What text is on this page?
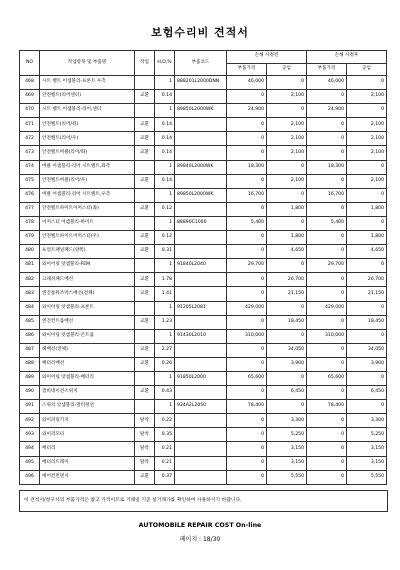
보험수리비 견적서
NO	작업항목 및 부품명	작업	H,O,%	부품코드	손해 사정전		손해 사정후	
					부품가격	공임	부품가격	공임
468	시트 벨트 어셈블리-프론트 우측		1	888201L2000DNN	46,000	0	46,000	0
469	안전벨트(리어센터)	교환	0.14		0	2,100	0	2,100
470	시트 벨트 어셈블리-리어,센터		1	89850L2000WK	24,900	0	24,900	0
471	안전벨트(리어/좌)	교환	0.14		0	2,100	0	2,100
472	안전벨트(리어/우)	교환	0.14		0	2,100	0	2,100
473	안전벨트버클(리어/좌)	교환	0.14		0	2,100	0	2,100
474	버클 어셈블리-리어 시트벨트,좌측		1	89840L2000WK	18,300	0	18,300	0
475	안전벨트버클(리어/우)	교환	0.14		0	2,100	0	2,100
476	버클 어셈블리-리어 시트벨트,우측		1	89850L2000WK	16,700	0	16,700	0
477	안전벨트하이트어저스터(좌)	교환	0.12		0	1,800	0	1,800
478	어저스터 어셈블리-하이트		1	88890C1000	5,400	0	5,400	0
479	안전벨트하이트어저스터(우)	교환	0.12		0	1,800	0	1,800
480	프런트패널패드(양쪽)	교환	0.31		0	4,650	0	4,650
481	와이어링 앗셈블리-FEM		1	91840L2040	29,700	0	29,700	0
482	크래쉬패드배선	교환	1.78		0	26,700	0	26,700
483	엔진룸퓨즈박스배선(전체)	교환	1.41		0	21,150	0	21,150
484	와이어링 앗셈블리-프론트		1	91205L2081	429,000	0	429,000	0
485	엔진컨트롤배선	교환	1.23		0	18,450	0	18,450
486	와이어링 앗셈블리-콘트롤		1	91430L2010	310,000	0	310,000	0
487	헤배선(전체)	교환	2.27		0	34,050	0	34,050
488	배터리배선	교환	0.26		0	3,900	0	3,900
489	와이어링 앗셈블리-배터리		1	91850L2000	65,600	0	65,600	0
490	컴비네이션스위치	교환	0.43		0	6,450	0	6,450
491	스위치 앗셈블리-멀티펑션		1	934A2L2050	78,400	0	78,400	0
492	와이퍼링키지	탈착	0.22		0	3,300	0	3,300
493	와이퍼모터	탈착	0.35		0	5,250	0	5,250
494	배터리	탈착	0.21		0	3,150	0	3,150
495	배터리트레이	탈착	0.21		0	3,150	0	3,150
496	에어컨컨덴서	교환	0.37		0	5,550	0	5,550
이 견적서/청구서의 부품가격은 참고 가격이므로 거래일 기준 실거래가를 확인하여 사용하시기 바랍니다.
AUTOMOBILE REPAIR COST On-line
페이지 : 18/30
